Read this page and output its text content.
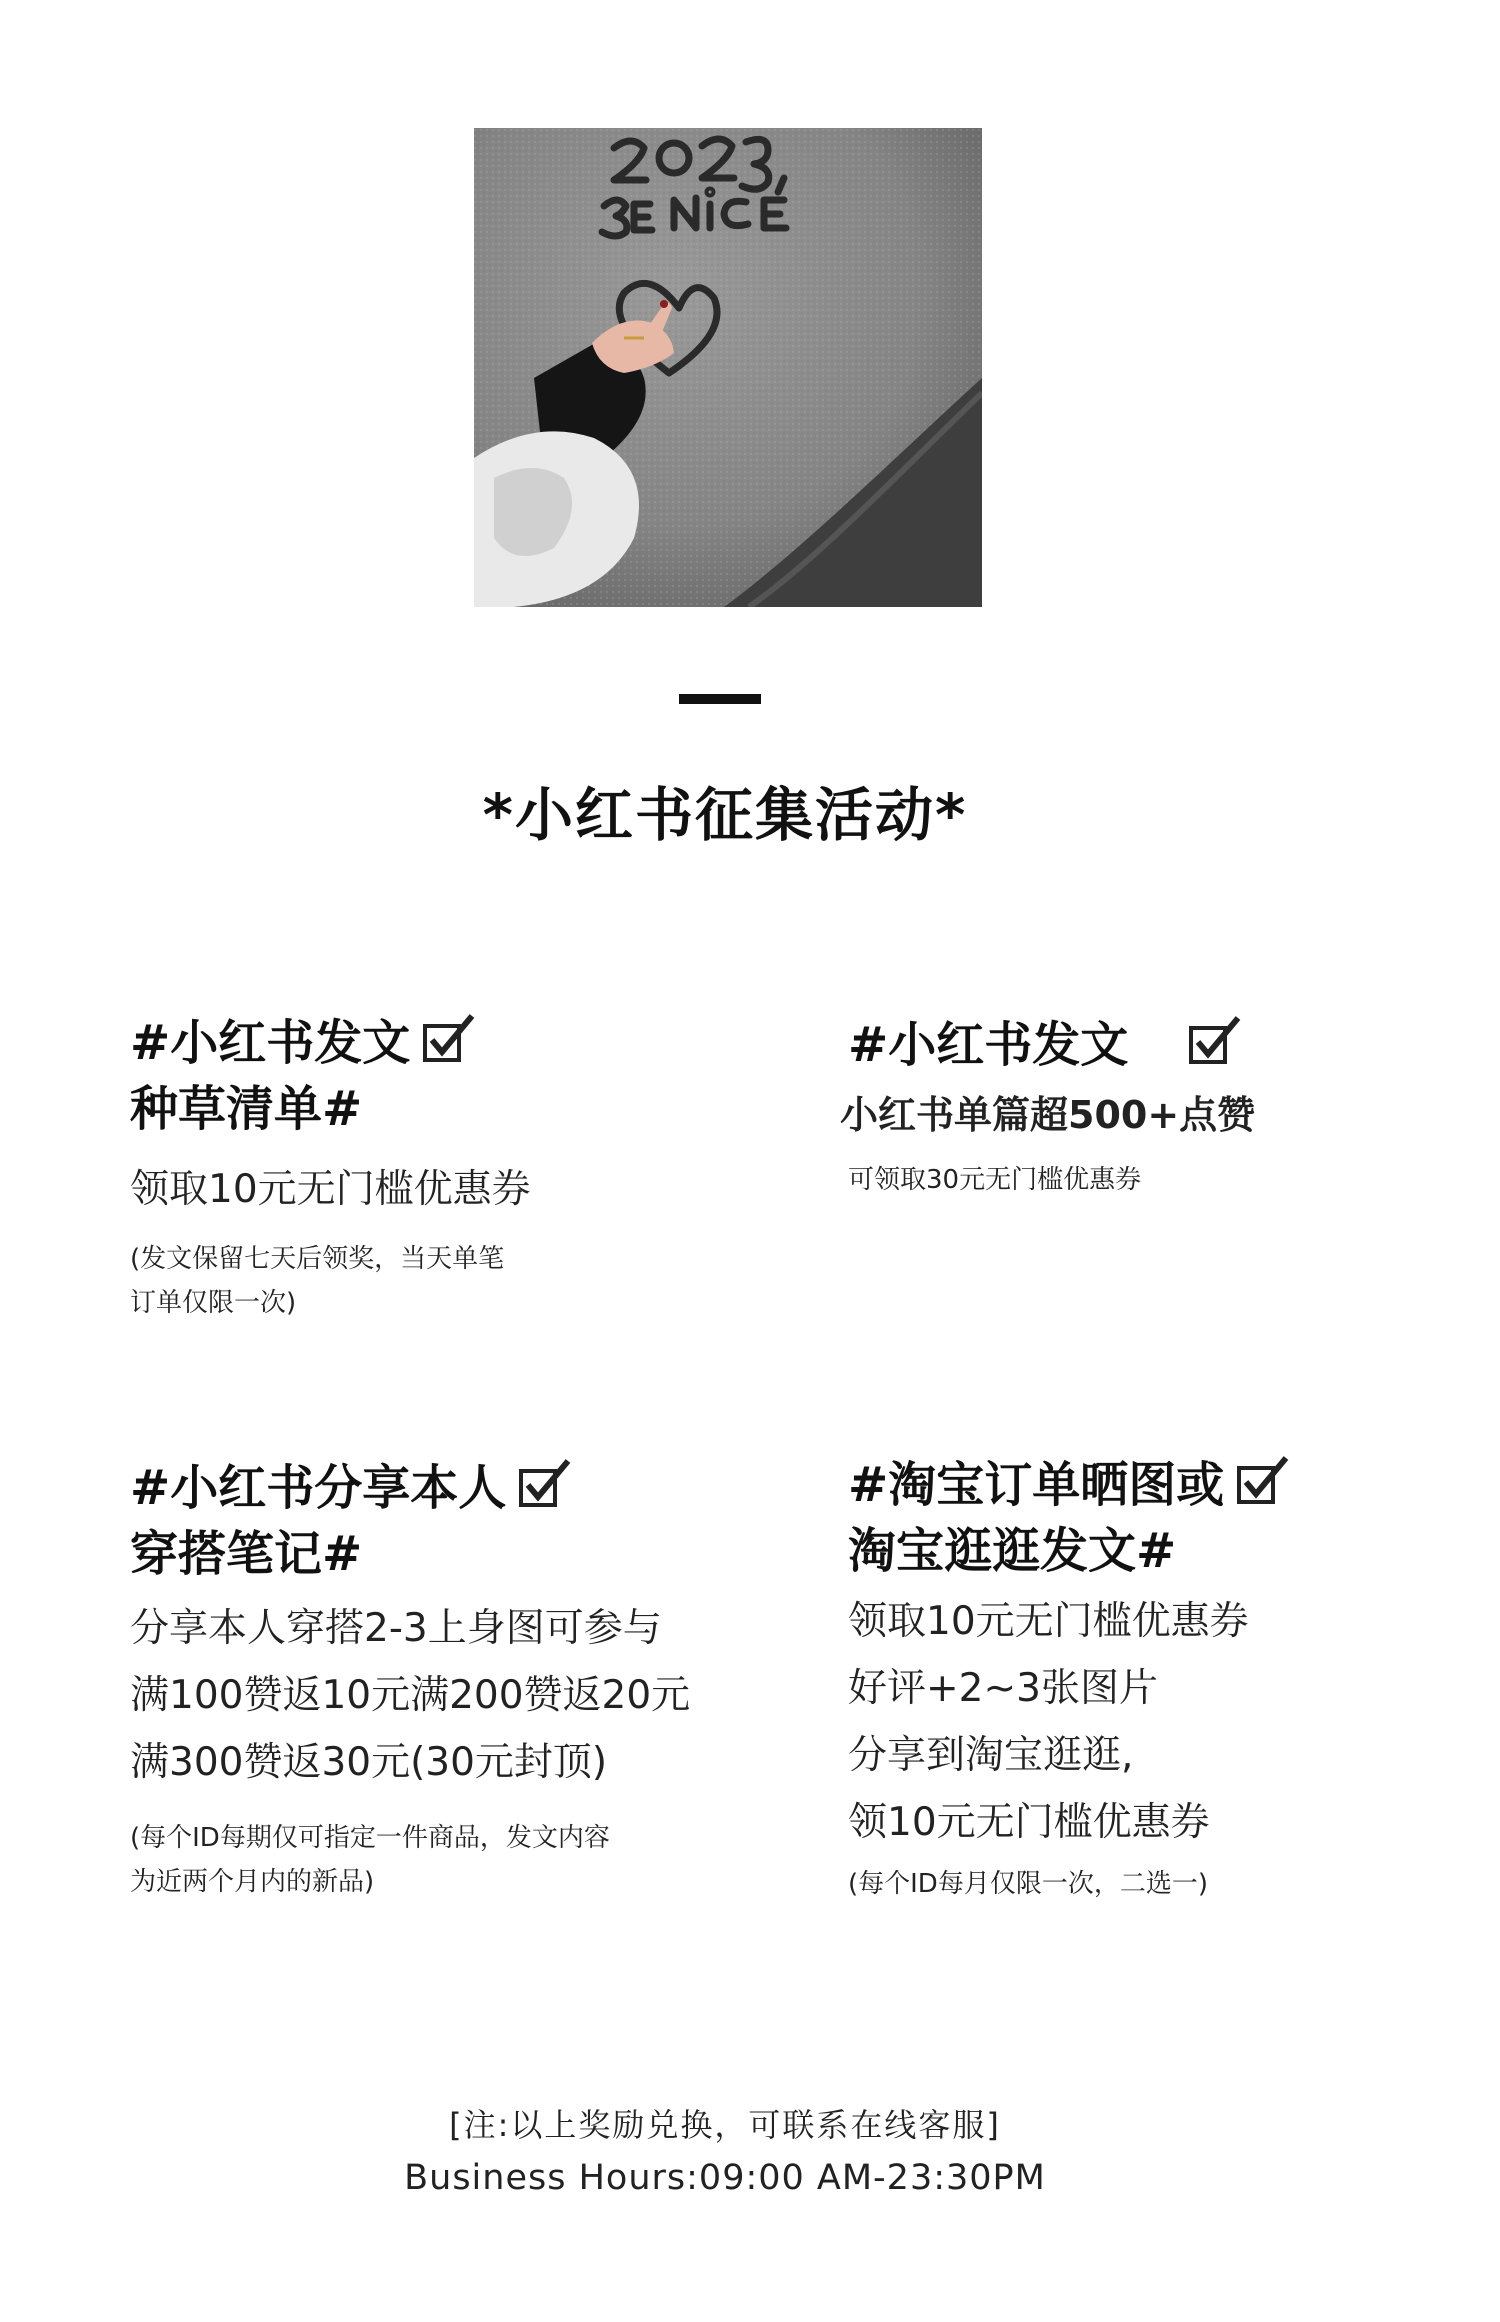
*小红书征集活动*
#小红书发文
种草清单#
领取10元无门槛优惠券
(发文保留七天后领奖，当天单笔
订单仅限一次)
#小红书发文
小红书单篇超500+点赞
可领取30元无门槛优惠券
#小红书分享本人
穿搭笔记#
分享本人穿搭2-3上身图可参与
满100赞返10元满200赞返20元
满300赞返30元(30元封顶)
(每个ID每期仅可指定一件商品，发文内容
为近两个月内的新品)
#淘宝订单晒图或
淘宝逛逛发文#
领取10元无门槛优惠券
好评+2~3张图片
分享到淘宝逛逛,
领10元无门槛优惠券
(每个ID每月仅限一次，二选一)
[注:以上奖励兑换，可联系在线客服]
Business Hours:09:00 AM-23:30PM
